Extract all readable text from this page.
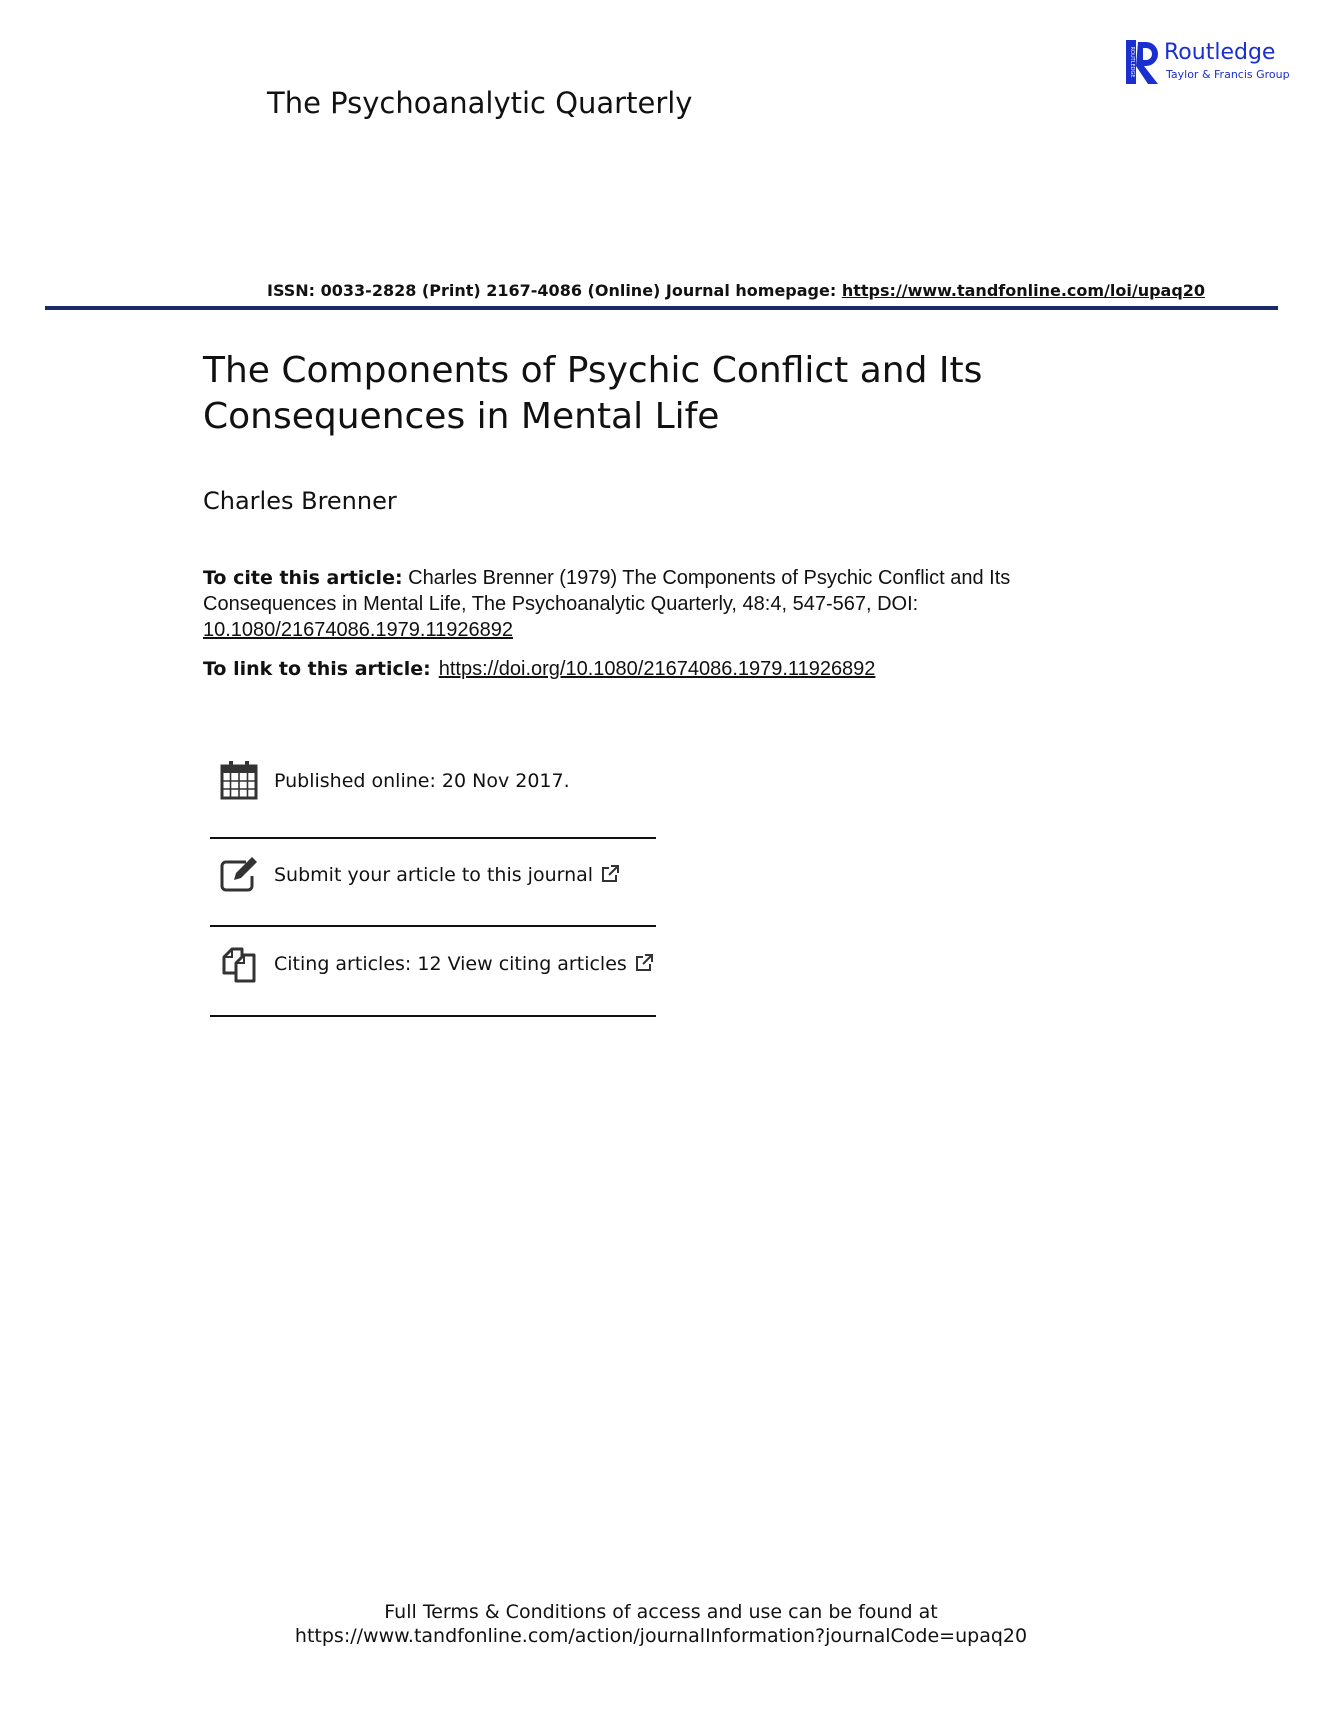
The Psychoanalytic Quarterly
ROUTLEDGE Routledge
Taylor & Francis Group
ISSN: 0033-2828 (Print) 2167-4086 (Online) Journal homepage: https://www.tandfonline.com/loi/upaq20
The Components of Psychic Conflict and Its Consequences in Mental Life
Charles Brenner
To cite this article: Charles Brenner (1979) The Components of Psychic Conflict and Its Consequences in Mental Life, The Psychoanalytic Quarterly, 48:4, 547-567, DOI: 10.1080/21674086.1979.11926892
To link to this article: https://doi.org/10.1080/21674086.1979.11926892
Published online: 20 Nov 2017.
Submit your article to this journal
Citing articles: 12 View citing articles
Full Terms & Conditions of access and use can be found at
https://www.tandfonline.com/action/journalInformation?journalCode=upaq20
